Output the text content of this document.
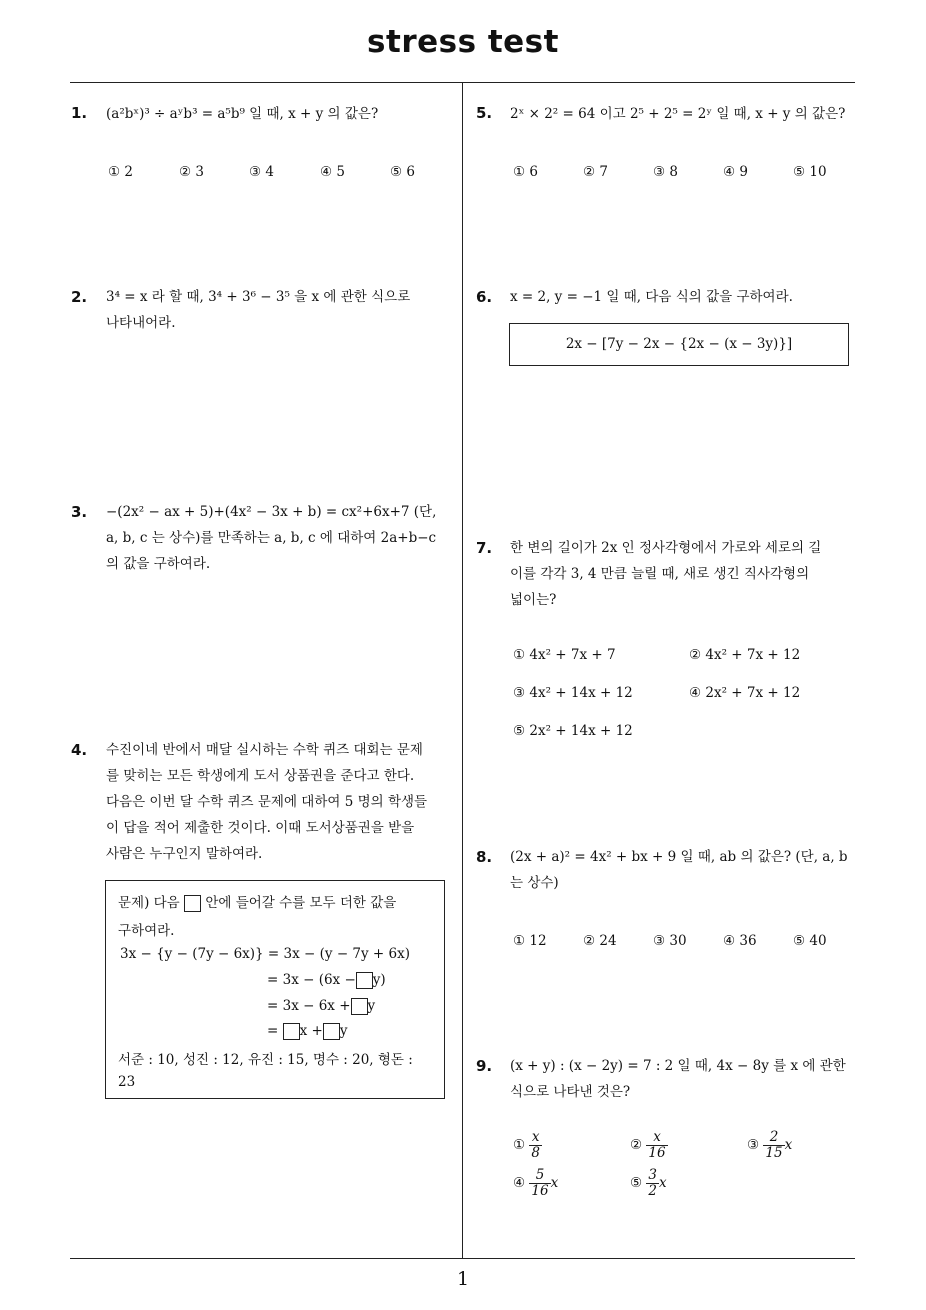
stress test
1
1. (a²bˣ)³ ÷ aʸb³ = a⁵b⁹ 일 때, x + y 의 값은?
① 2	② 3	③ 4	④ 5	⑤ 6
2. 3⁴ = x 라 할 때, 3⁴ + 3⁶ − 3⁵ 을 x 에 관한 식으로
나타내어라.
3. −(2x² − ax + 5)+(4x² − 3x + b) = cx²+6x+7 (단,
a, b, c 는 상수)를 만족하는 a, b, c 에 대하여 2a+b−c
의 값을 구하여라.
4. 수진이네 반에서 매달 실시하는 수학 퀴즈 대회는 문제
를 맞히는 모든 학생에게 도서 상품권을 준다고 한다.
다음은 이번 달 수학 퀴즈 문제에 대하여 5 명의 학생들
이 답을 적어 제출한 것이다. 이때 도서상품권을 받을
사람은 누구인지 말하여라.
문제) 다음 안에 들어갈 수를 모두 더한 값을
구하여라.
3x − {y − (7y − 6x)} = 3x − (y − 7y + 6x)
= 3x − (6x − y)
= 3x − 6x + y
= x + y
서준 : 10, 성진 : 12, 유진 : 15, 명수 : 20, 형돈 :
23
5. 2ˣ × 2² = 64 이고 2⁵ + 2⁵ = 2ʸ 일 때, x + y 의 값은?
① 6	② 7	③ 8	④ 9	⑤ 10
6. x = 2, y = −1 일 때, 다음 식의 값을 구하여라.
2x − [7y − 2x − {2x − (x − 3y)}]
7. 한 변의 길이가 2x 인 정사각형에서 가로와 세로의 길
이를 각각 3, 4 만큼 늘릴 때, 새로 생긴 직사각형의
넓이는?
① 4x² + 7x + 7	② 4x² + 7x + 12
③ 4x² + 14x + 12	④ 2x² + 7x + 12
⑤ 2x² + 14x + 12
8. (2x + a)² = 4x² + bx + 9 일 때, ab 의 값은? (단, a, b
는 상수)
① 12	② 24	③ 30	④ 36	⑤ 40
9. (x + y) : (x − 2y) = 7 : 2 일 때, 4x − 8y 를 x 에 관한
식으로 나타낸 것은?
① $\frac{x}{8}$	② $\frac{x}{16}$	③ $\frac{2}{15}$ x
④ $\frac{5}{16}$ x	⑤ $\frac{3}{2}$ x
